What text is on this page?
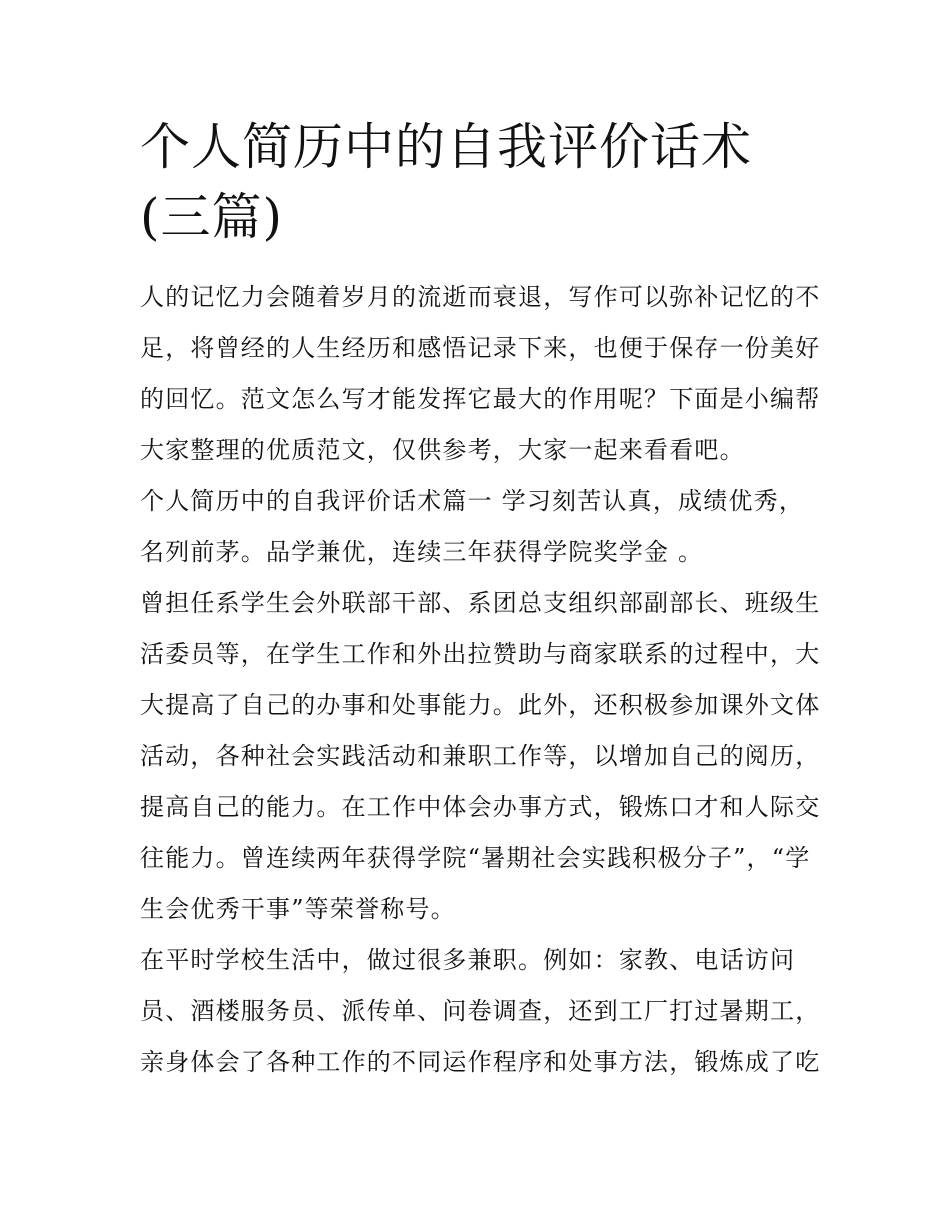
个人简历中的自我评价话术(三篇)
人的记忆力会随着岁月的流逝而衰退，写作可以弥补记忆的不
足，将曾经的人生经历和感悟记录下来，也便于保存一份美好
的回忆。范文怎么写才能发挥它最大的作用呢？下面是小编帮
大家整理的优质范文，仅供参考，大家一起来看看吧。
个人简历中的自我评价话术篇一 学习刻苦认真，成绩优秀，
名列前茅。品学兼优，连续三年获得学院奖学金 。
曾担任系学生会外联部干部、系团总支组织部副部长、班级生
活委员等，在学生工作和外出拉赞助与商家联系的过程中，大
大提高了自己的办事和处事能力。此外，还积极参加课外文体
活动，各种社会实践活动和兼职工作等，以增加自己的阅历，
提高自己的能力。在工作中体会办事方式，锻炼口才和人际交
往能力。曾连续两年获得学院“暑期社会实践积极分子”，“学
生会优秀干事”等荣誉称号。
在平时学校生活中，做过很多兼职。例如：家教、电话访问
员、酒楼服务员、派传单、问卷调查，还到工厂打过暑期工，
亲身体会了各种工作的不同运作程序和处事方法，锻炼成了吃
